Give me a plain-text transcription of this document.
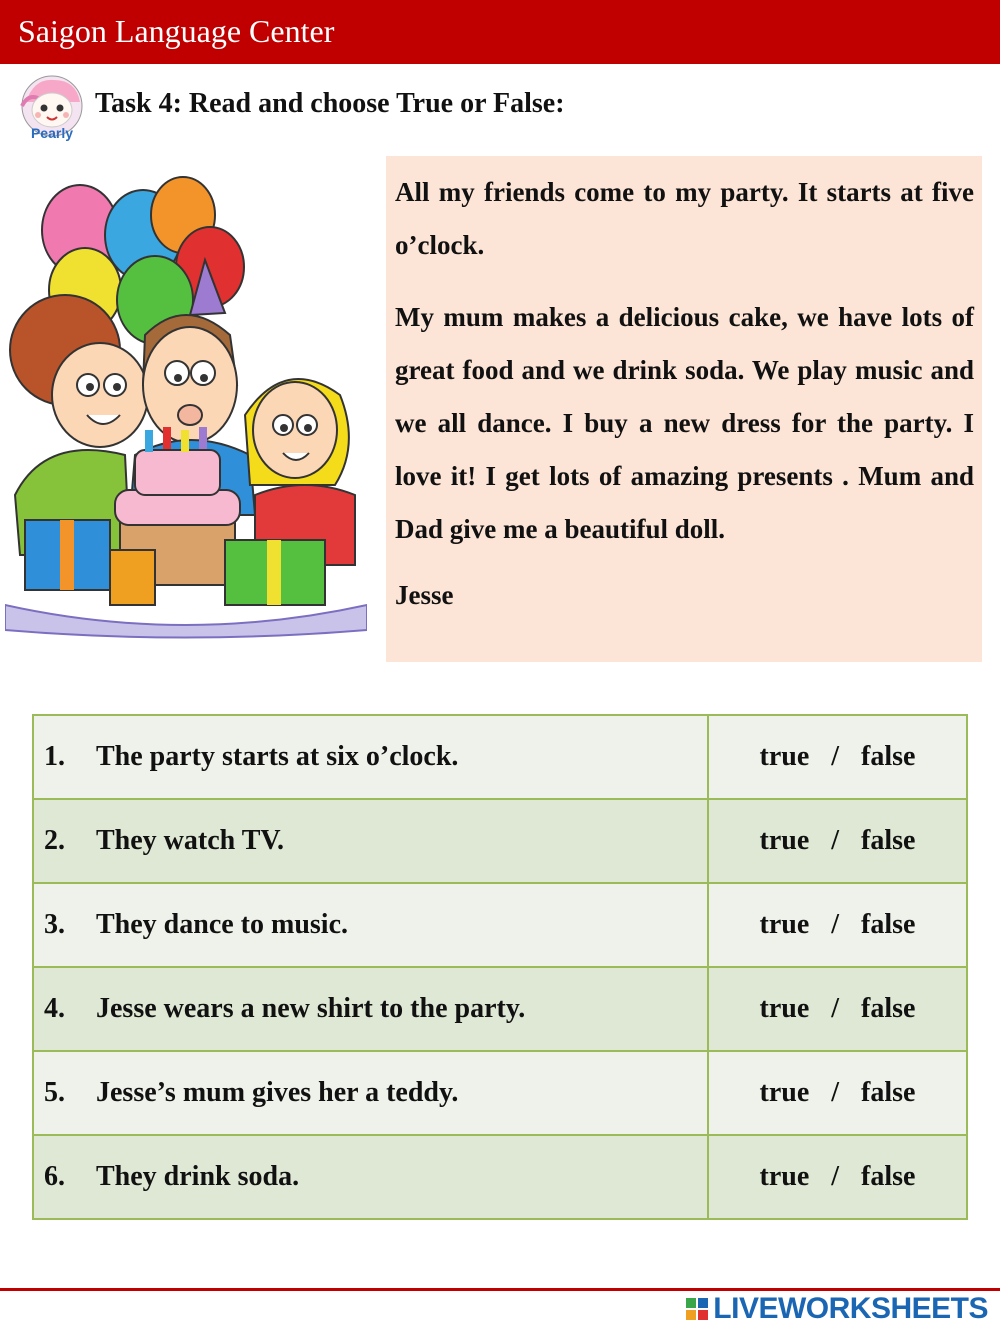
Saigon Language Center
Pearly
Task 4: Read and choose True or False:

All my friends come to my party. It starts at five o’clock.

My mum makes a delicious cake, we have lots of great food and we drink soda. We play music and we all dance. I buy a new dress for the party. I love it! I get lots of amazing presents . Mum and Dad give me a beautiful doll.

Jesse

1. The party starts at six o’clock.	true / false
2. They watch TV.	true / false
3. They dance to music.	true / false
4. Jesse wears a new shirt to the party.	true / false
5. Jesse’s mum gives her a teddy.	true / false
6. They drink soda.	true / false
LIVEWORKSHEETS
